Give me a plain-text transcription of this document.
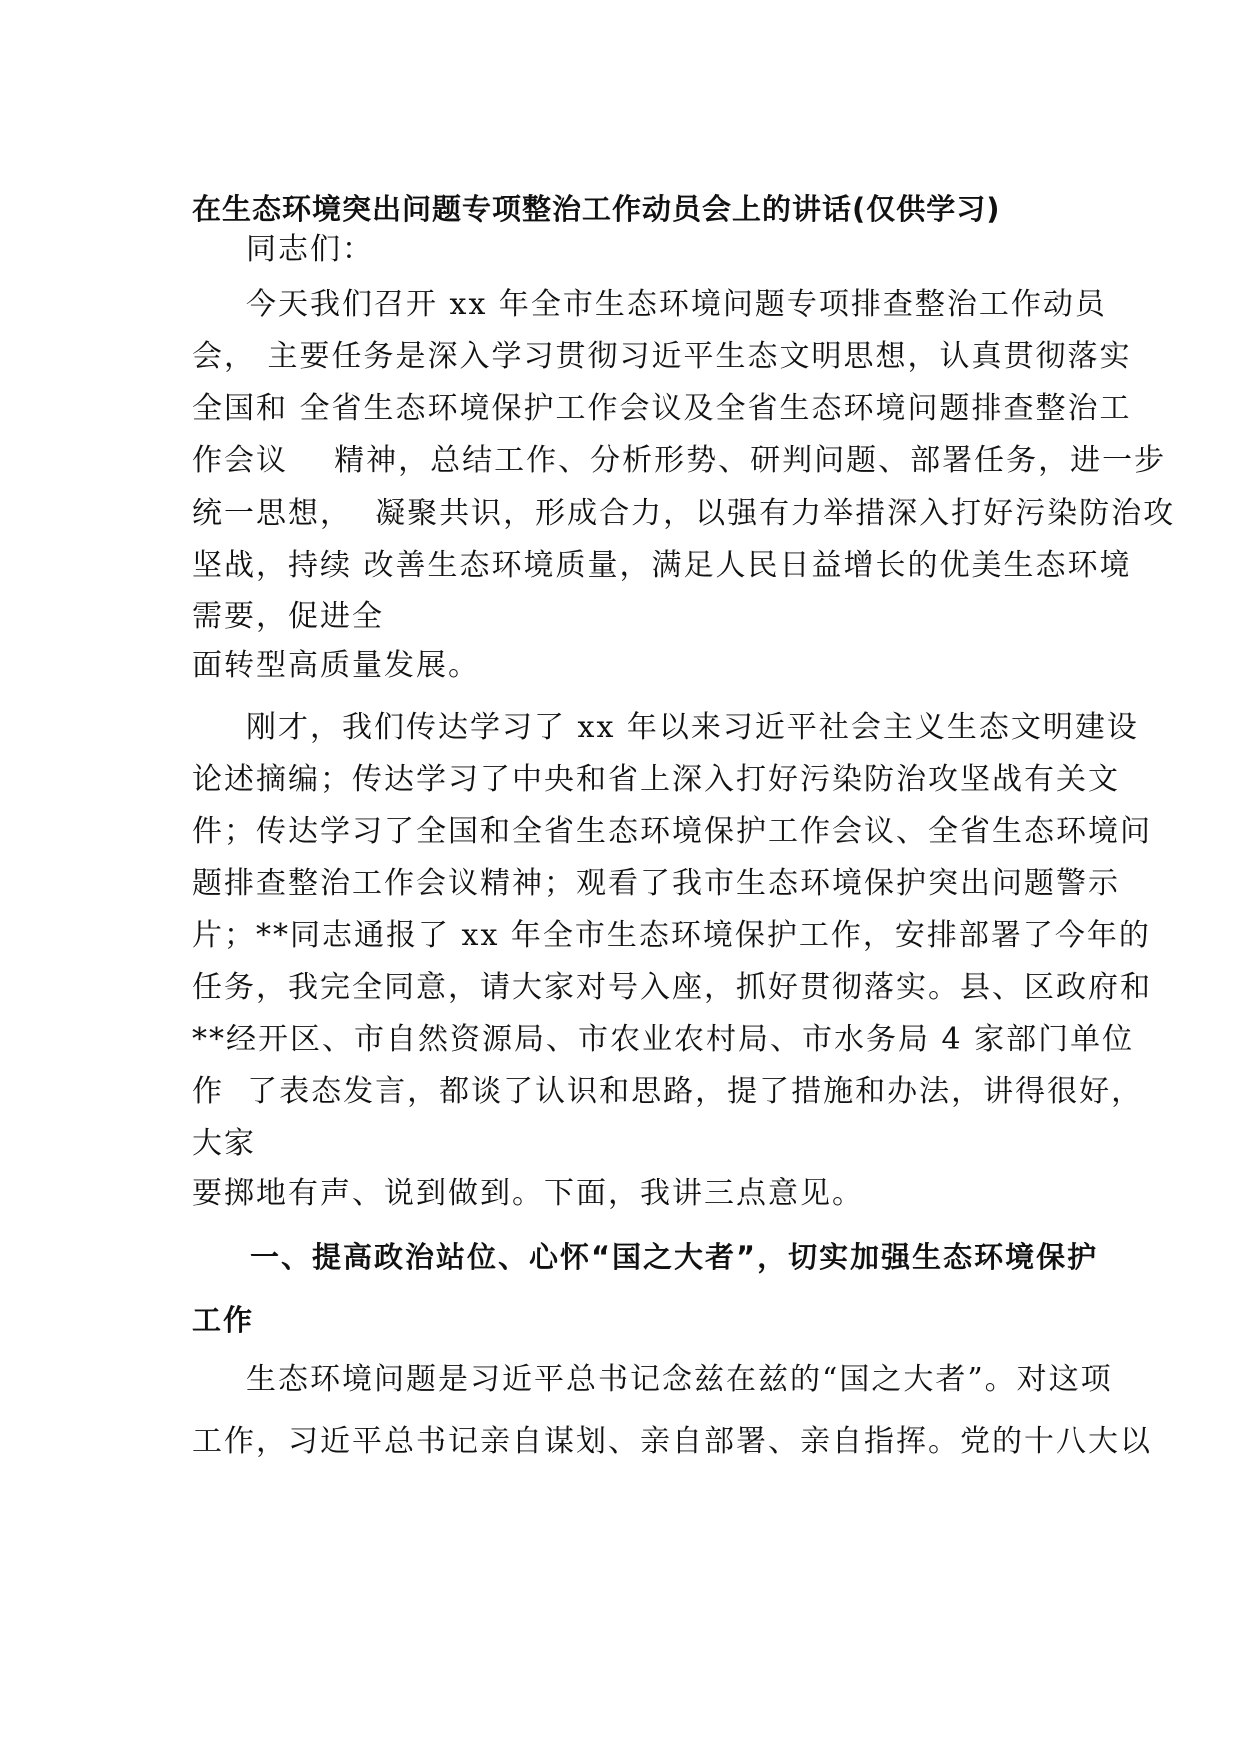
在生态环境突出问题专项整治工作动员会上的讲话(仅供学习)
同志们：
今天我们召开 xx 年全市生态环境问题专项排查整治工作动员
会， 主要任务是深入学习贯彻习近平生态文明思想，认真贯彻落实
全国和 全省生态环境保护工作会议及全省生态环境问题排查整治工
作会议    精神，总结工作、分析形势、研判问题、部署任务，进一步
统一思想，  凝聚共识，形成合力，以强有力举措深入打好污染防治攻
坚战，持续 改善生态环境质量，满足人民日益增长的优美生态环境
需要，促进全
面转型高质量发展。
刚才，我们传达学习了 xx 年以来习近平社会主义生态文明建设
论述摘编；传达学习了中央和省上深入打好污染防治攻坚战有关文
件；传达学习了全国和全省生态环境保护工作会议、全省生态环境问
题排查整治工作会议精神；观看了我市生态环境保护突出问题警示
片；**同志通报了 xx 年全市生态环境保护工作，安排部署了今年的
任务，我完全同意，请大家对号入座，抓好贯彻落实。县、区政府和
**经开区、市自然资源局、市农业农村局、市水务局 4 家部门单位
作  了表态发言，都谈了认识和思路，提了措施和办法，讲得很好，
大家
要掷地有声、说到做到。下面，我讲三点意见。
一、提高政治站位、心怀“国之大者”，切实加强生态环境保护
工作
生态环境问题是习近平总书记念兹在兹的“国之大者”。对这项
工作，习近平总书记亲自谋划、亲自部署、亲自指挥。党的十八大以
